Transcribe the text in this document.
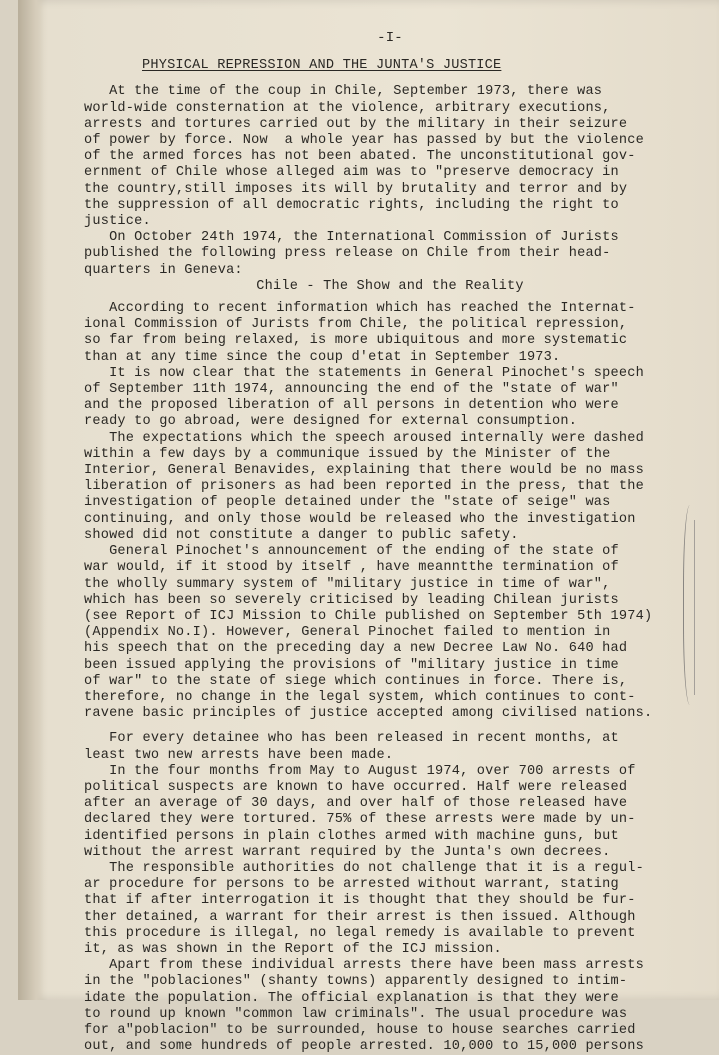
-I-
PHYSICAL REPRESSION AND THE JUNTA'S JUSTICE
At the time of the coup in Chile, September 1973, there was
world-wide consternation at the violence, arbitrary executions,
arrests and tortures carried out by the military in their seizure
of power by force. Now  a whole year has passed by but the violence
of the armed forces has not been abated. The unconstitutional gov-
ernment of Chile whose alleged aim was to "preserve democracy in
the country,still imposes its will by brutality and terror and by
the suppression of all democratic rights, including the right to
justice.
On October 24th 1974, the International Commission of Jurists
published the following press release on Chile from their head-
quarters in Geneva:
Chile - The Show and the Reality
According to recent information which has reached the Internat-
ional Commission of Jurists from Chile, the political repression,
so far from being relaxed, is more ubiquitous and more systematic
than at any time since the coup d'etat in September 1973.
It is now clear that the statements in General Pinochet's speech
of September 11th 1974, announcing the end of the "state of war"
and the proposed liberation of all persons in detention who were
ready to go abroad, were designed for external consumption.
The expectations which the speech aroused internally were dashed
within a few days by a communique issued by the Minister of the
Interior, General Benavides, explaining that there would be no mass
liberation of prisoners as had been reported in the press, that the
investigation of people detained under the "state of seige" was
continuing, and only those would be released who the investigation
showed did not constitute a danger to public safety.
General Pinochet's announcement of the ending of the state of
war would, if it stood by itself , have meanntthe termination of
the wholly summary system of "military justice in time of war",
which has been so severely criticised by leading Chilean jurists
(see Report of ICJ Mission to Chile published on September 5th 1974)
(Appendix No.I). However, General Pinochet failed to mention in
his speech that on the preceding day a new Decree Law No. 640 had
been issued applying the provisions of "military justice in time
of war" to the state of siege which continues in force. There is,
therefore, no change in the legal system, which continues to cont-
ravene basic principles of justice accepted among civilised nations.
For every detainee who has been released in recent months, at
least two new arrests have been made.
In the four months from May to August 1974, over 700 arrests of
political suspects are known to have occurred. Half were released
after an average of 30 days, and over half of those released have
declared they were tortured. 75% of these arrests were made by un-
identified persons in plain clothes armed with machine guns, but
without the arrest warrant required by the Junta's own decrees.
The responsible authorities do not challenge that it is a regul-
ar procedure for persons to be arrested without warrant, stating
that if after interrogation it is thought that they should be fur-
ther detained, a warrant for their arrest is then issued. Although
this procedure is illegal, no legal remedy is available to prevent
it, as was shown in the Report of the ICJ mission.
Apart from these individual arrests there have been mass arrests
in the "poblaciones" (shanty towns) apparently designed to intim-
idate the population. The official explanation is that they were
to round up known "common law criminals". The usual procedure was
for a"poblacion" to be surrounded, house to house searches carried
out, and some hundreds of people arrested. 10,000 to 15,000 persons
